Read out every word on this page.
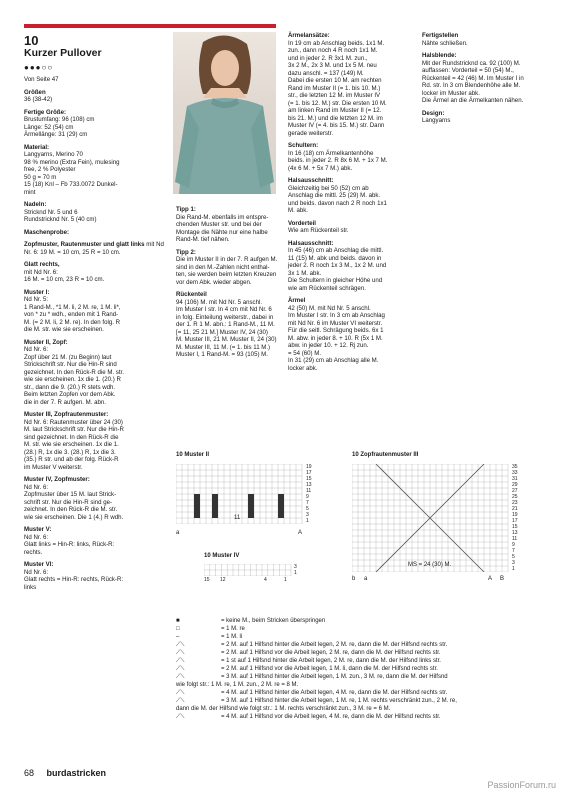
10
Kurzer Pullover
●●●○○

Von Seite 47

Größen
36 (38-42)

Fertige Größe:
Brustumfang: 96 (108) cm
Länge: 52 (54) cm
Ärmellänge: 31 (29) cm

Material:
Langyarns, Merino 70
98 % merino (Extra Fein), mulesing
free, 2 % Polyester
50 g = 70 m
15 (18) Knl – Fb 733.0072 Dunkel-
mint

Nadeln:
Stricknd Nr. 5 und 6
Rundstricknd Nr. 5 (40 cm)

Maschenprobe:

Zopfmuster, Rautenmuster und glatt links mit Nd Nr. 6: 19 M. = 10 cm, 25 R = 10 cm.

Glatt rechts,
mit Nd Nr. 6:
16 M. = 10 cm, 23 R = 10 cm.

Muster I:
Nd Nr. 5:
1 Rand-M., *1 M. li, 2 M. re, 1 M. li*,
von * zu * wdh., enden mit 1 Rand-
M. (= 2 M. li, 2 M. re). In den folg. R
die M. str. wie sie erscheinen.

Muster II, Zopf:
Nd Nr. 6:
Zopf über 21 M. (zu Beginn) laut
Strickschrift str. Nur die Hin-R sind
gezeichnet. In den Rück-R die M. str.
wie sie erscheinen. 1x die 1. (20.) R
str., dann die 9. (20.) R stets wdh.
Beim letzten Zopfen vor dem Abk.
die in der 7. R aufgen. M. abn.

Muster III, Zopfrautenmuster:
Nd Nr. 6: Rautenmuster über 24 (30)
M. laut Strickschrift str. Nur die Hin-R
sind gezeichnet. In den Rück-R die
M. str. wie sie erscheinen. 1x die 1.
(28.) R, 1x die 3. (28.) R, 1x die 3.
(35.) R str. und ab der folg. Rück-R
im Muster V weiterstr.

Muster IV, Zopfmuster:
Nd Nr. 6:
Zopfmuster über 15 M. laut Strick-
schrift str. Nur die Hin-R sind ge-
zeichnet. In den Rück-R die M. str.
wie sie erscheinen. Die 1 (4.) R wdh.

Muster V:
Nd Nr. 6:
Glatt links = Hin-R: links, Rück-R:
rechts.

Muster VI:
Nd Nr. 6:
Glatt rechts = Hin-R: rechts, Rück-R:
links

Tipp 1:
Die Rand-M. ebenfalls im entspre-
chenden Muster str. und bei der
Montage die Nähte nur eine halbe
Rand-M. tief nähen.

Tipp 2:
Die im Muster II in der 7. R aufgen M.
sind in den M.-Zahlen nicht enthal-
ten, sie werden beim letzten Kreuzen
vor dem Abk. wieder abgen.

Rückenteil
94 (106) M. mit Nd Nr. 5 anschl.
Im Muster I str. In 4 cm mit Nd Nr. 6
in folg. Einteilung weiterstr., dabei in
der 1. R 1 M. abn.: 1 Rand-M., 11 M.
[= 11, 25 21 M.] Muster IV, 24 (30)
M. Muster III, 21 M. Muster II, 24 (30)
M. Muster III, 11 M. (= 1. bis 11 M.)
Muster I, 1 Rand-M. = 93 (105) M.

Ärmelansätze:
In 19 cm ab Anschlag beids. 1x1 M.
zun., dann noch 4 R noch 1x1 M.
und in jeder 2. R 3x1 M. zun.,
3x 2 M., 2x 3 M. und 1x 5 M. neu
dazu anschl. = 137 (149) M.
Dabei die ersten 10 M. am rechten
Rand im Muster II (= 1. bis 10. M.)
str., die letzten 12 M. im Muster IV
(= 1. bis 12. M.) str. Die ersten 10 M.
am linken Rand im Muster II (= 12.
bis 21. M.) und die letzten 12 M. im
Muster IV (= 4. bis 15. M.) str. Dann
gerade weiterstr.

Schultern:
In 16 (18) cm Ärmelkantenhöhe
beids. in jeder 2. R 8x 6 M. + 1x 7 M.
(4x 6 M. + 5x 7 M.) abk.

Halsausschnitt:
Gleichzeitig bei 50 (52) cm ab
Anschlag die mittl. 25 (29) M. abk.
und beids. davon nach 2 R noch 1x1
M. abk.

Vorderteil
Wie am Rückenteil str.

Halsausschnitt:
In 45 (46) cm ab Anschlag die mittl.
11 (15) M. abk und beids. davon in
jeder 2. R noch 1x 3 M., 1x 2 M. und
3x 1 M. abk.
Die Schultern in gleicher Höhe und
wie am Rückenteil schrägen.

Ärmel
42 (50) M. mit Nd Nr. 5 anschl.
Im Muster I str. In 3 cm ab Anschlag
mit Nd Nr. 6 im Muster VI weiterstr.
Für die seitl. Schrägung beids. 6x 1
M. abw. in jeder 8. + 10. R (5x 1 M.
abw. in jeder 10. + 12. Rj zun.
= 54 (60) M.
In 31 (29) cm ab Anschlag alle M.
locker abk.

Fertigstellen
Nähte schließen.

Halsblende:
Mit der Rundstricknd ca. 92 (100) M.
auffassen: Vorderteil = 50 (54) M.,
Rückenteil = 42 (46) M. Im Muster I in
Rd. str. In 3 cm Blendenhöhe alle M.
locker im Muster abk.
Die Ärmel an die Ärmelkanten nähen.

Design:
Langyarns

10 Muster II
19
17
15
13
11
9
7
5
3
1
a	A
11
10 Muster IV
3
1
15 12	4	1
10 Zopfrautenmuster III
35
33
31
29
27
25
23
21
19
17
15
13
11
9
7
5
3
1
MS = 24 (30) M.
b a	A B
■	= keine M., beim Stricken überspringen
□	= 1 M. re
–	= 1 M. li
⟋⟍	= 2 M. auf 1 Hilfsnd hinter die Arbeit legen, 2 M. re, dann die M. der Hilfsnd rechts str.
⟋⟍	= 2 M. auf 1 Hilfsnd vor die Arbeit legen, 2 M. re, dann die M. der Hilfsnd rechts str.
⟋⟍	= 1 st auf 1 Hilfsnd hinter die Arbeit legen, 2 M. re, dann die M. der Hilfsnd links str.
⟋⟍	= 2 M. auf 1 Hilfsnd vor die Arbeit legen, 1 M. li, dann die M. der Hilfsnd rechts str.
⟋⟍	= 3 M. auf 1 Hilfsnd hinter die Arbeit legen, 1 M. zun., 3 M. re, dann die M. der Hilfsnd
wie folgt str.: 1 M. re, 1 M. zun., 2 M. re = 8 M.
⟋⟍	= 4 M. auf 1 Hilfsnd hinter die Arbeit legen, 4 M. re, dann die M. der Hilfsnd rechts str.
⟋⟍	= 3 M. auf 1 Hilfsnd hinter die Arbeit legen, 1 M. re, 1 M. rechts verschränkt zun., 2 M. re,
dann die M. der Hilfsnd wie folgt str.: 1 M. rechts verschränkt zun., 3 M. re = 6 M.
⟋⟍	= 4 M. auf 1 Hilfsnd vor die Arbeit legen, 4 M. re, dann die M. der Hilfsnd rechts str.
68 burdastricken
PassionForum.ru
